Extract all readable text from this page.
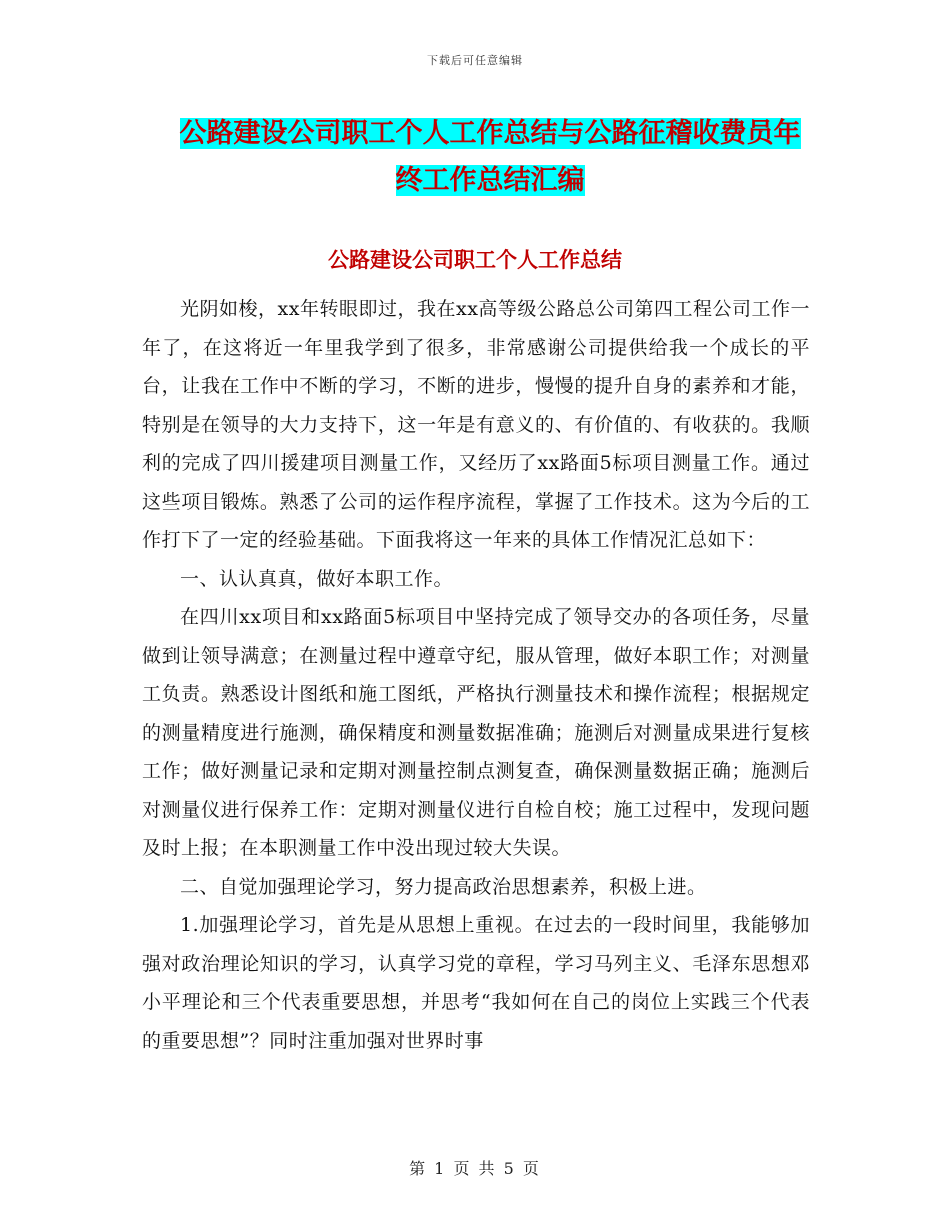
下载后可任意编辑
公路建设公司职工个人工作总结与公路征稽收费员年
终工作总结汇编
公路建设公司职工个人工作总结

光阴如梭，xx年转眼即过，我在xx高等级公路总公司第四工程公司工作一年了，在这将近一年里我学到了很多，非常感谢公司提供给我一个成长的平台，让我在工作中不断的学习，不断的进步，慢慢的提升自身的素养和才能，特别是在领导的大力支持下，这一年是有意义的、有价值的、有收获的。我顺利的完成了四川援建项目测量工作，又经历了xx路面5标项目测量工作。通过这些项目锻炼。熟悉了公司的运作程序流程，掌握了工作技术。这为今后的工作打下了一定的经验基础。下面我将这一年来的具体工作情况汇总如下：

一、认认真真，做好本职工作。

在四川xx项目和xx路面5标项目中坚持完成了领导交办的各项任务，尽量做到让领导满意；在测量过程中遵章守纪，服从管理，做好本职工作；对测量工负责。熟悉设计图纸和施工图纸，严格执行测量技术和操作流程；根据规定的测量精度进行施测，确保精度和测量数据准确；施测后对测量成果进行复核工作；做好测量记录和定期对测量控制点测复查，确保测量数据正确；施测后对测量仪进行保养工作：定期对测量仪进行自检自校；施工过程中，发现问题及时上报；在本职测量工作中没出现过较大失误。

二、自觉加强理论学习，努力提高政治思想素养，积极上进。

1.加强理论学习，首先是从思想上重视。在过去的一段时间里，我能够加强对政治理论知识的学习，认真学习党的章程，学习马列主义、毛泽东思想邓小平理论和三个代表重要思想，并思考“我如何在自己的岗位上实践三个代表的重要思想”？同时注重加强对世界时事

第 1 页 共 5 页
